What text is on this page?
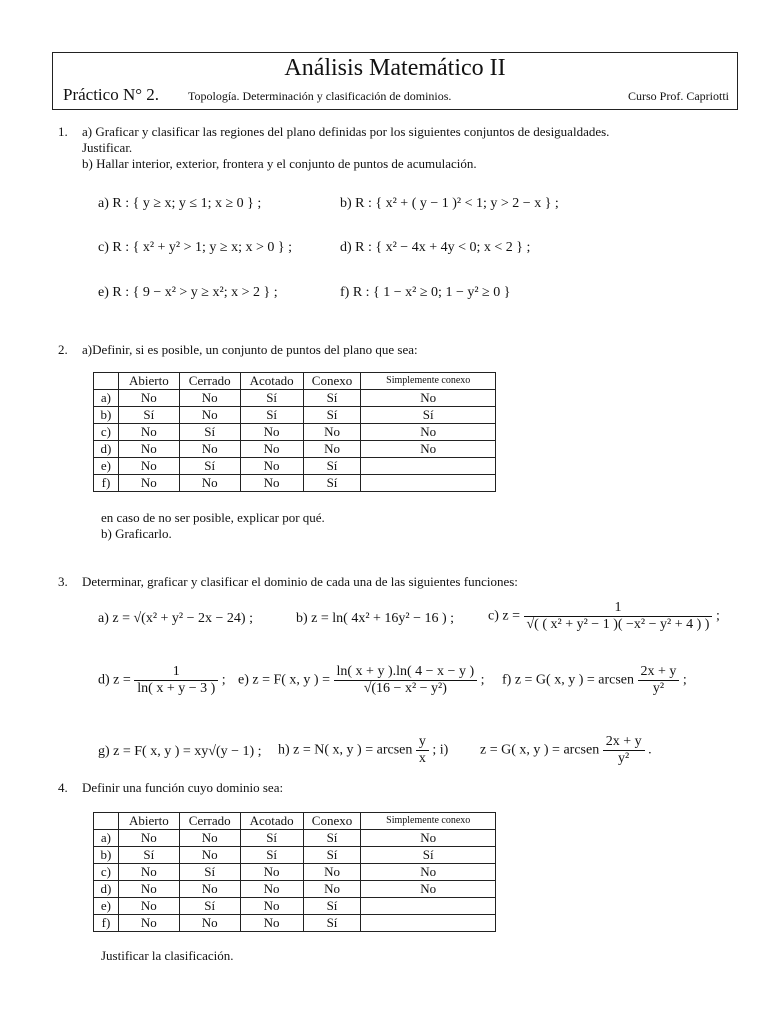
Análisis Matemático II
Práctico N° 2. Topología. Determinación y clasificación de dominios.	Curso Prof. Capriotti
1. a) Graficar y clasificar las regiones del plano definidas por los siguientes conjuntos de desigualdades.
Justificar.
b) Hallar interior, exterior, frontera y el conjunto de puntos de acumulación.
a) R : { y ≥ x; y ≤ 1; x ≥ 0 } ;	b) R : { x² + ( y − 1 )² < 1; y > 2 − x } ;
c) R : { x² + y² > 1; y ≥ x; x > 0 } ;	d) R : { x² − 4x + 4y < 0; x < 2 } ;
e) R : { 9 − x² > y ≥ x²; x > 2 } ;	f) R : { 1 − x² ≥ 0; 1 − y² ≥ 0 }
2. a)Definir, si es posible, un conjunto de puntos del plano que sea:
	Abierto	Cerrado	Acotado	Conexo	Simplemente conexo
a)	No	No	Sí	Sí	No
b)	Sí	No	Sí	Sí	Sí
c)	No	Sí	No	No	No
d)	No	No	No	No	No
e)	No	Sí	No	Sí	
f)	No	No	No	Sí	
en caso de no ser posible, explicar por qué.
b) Graficarlo.
3. Determinar, graficar y clasificar el dominio de cada una de las siguientes funciones:
a) z = √(x² + y² − 2x − 24) ;	b) z = ln( 4x² + 16y² − 16 ) ; c) $z = \frac{1}{\text{√( ( x² + y² − 1 )( −x² − y² + 4 ) )}}$ ;
d) $z = \frac{1}{\ln( x + y - 3 )}$ ; e) z = F( x, y ) = $\frac{\ln( x + y ).\ln( 4 - x - y )}{\text{√(16 − x² − y²)}}$ ; f) z = G( x, y ) = arcsen $\frac{2x + y}{\text{y²}}$ ;
g) z = F( x, y ) = xy√(y − 1) ; h) z = N( x, y ) = arcsen $\frac{y}{x}$ ; i) z = G( x, y ) = arcsen $\frac{2x + y}{\text{y²}}$ .
4. Definir una función cuyo dominio sea:
	Abierto	Cerrado	Acotado	Conexo	Simplemente conexo
a)	No	No	Sí	Sí	No
b)	Sí	No	Sí	Sí	Sí
c)	No	Sí	No	No	No
d)	No	No	No	No	No
e)	No	Sí	No	Sí	
f)	No	No	No	Sí	
Justificar la clasificación.
